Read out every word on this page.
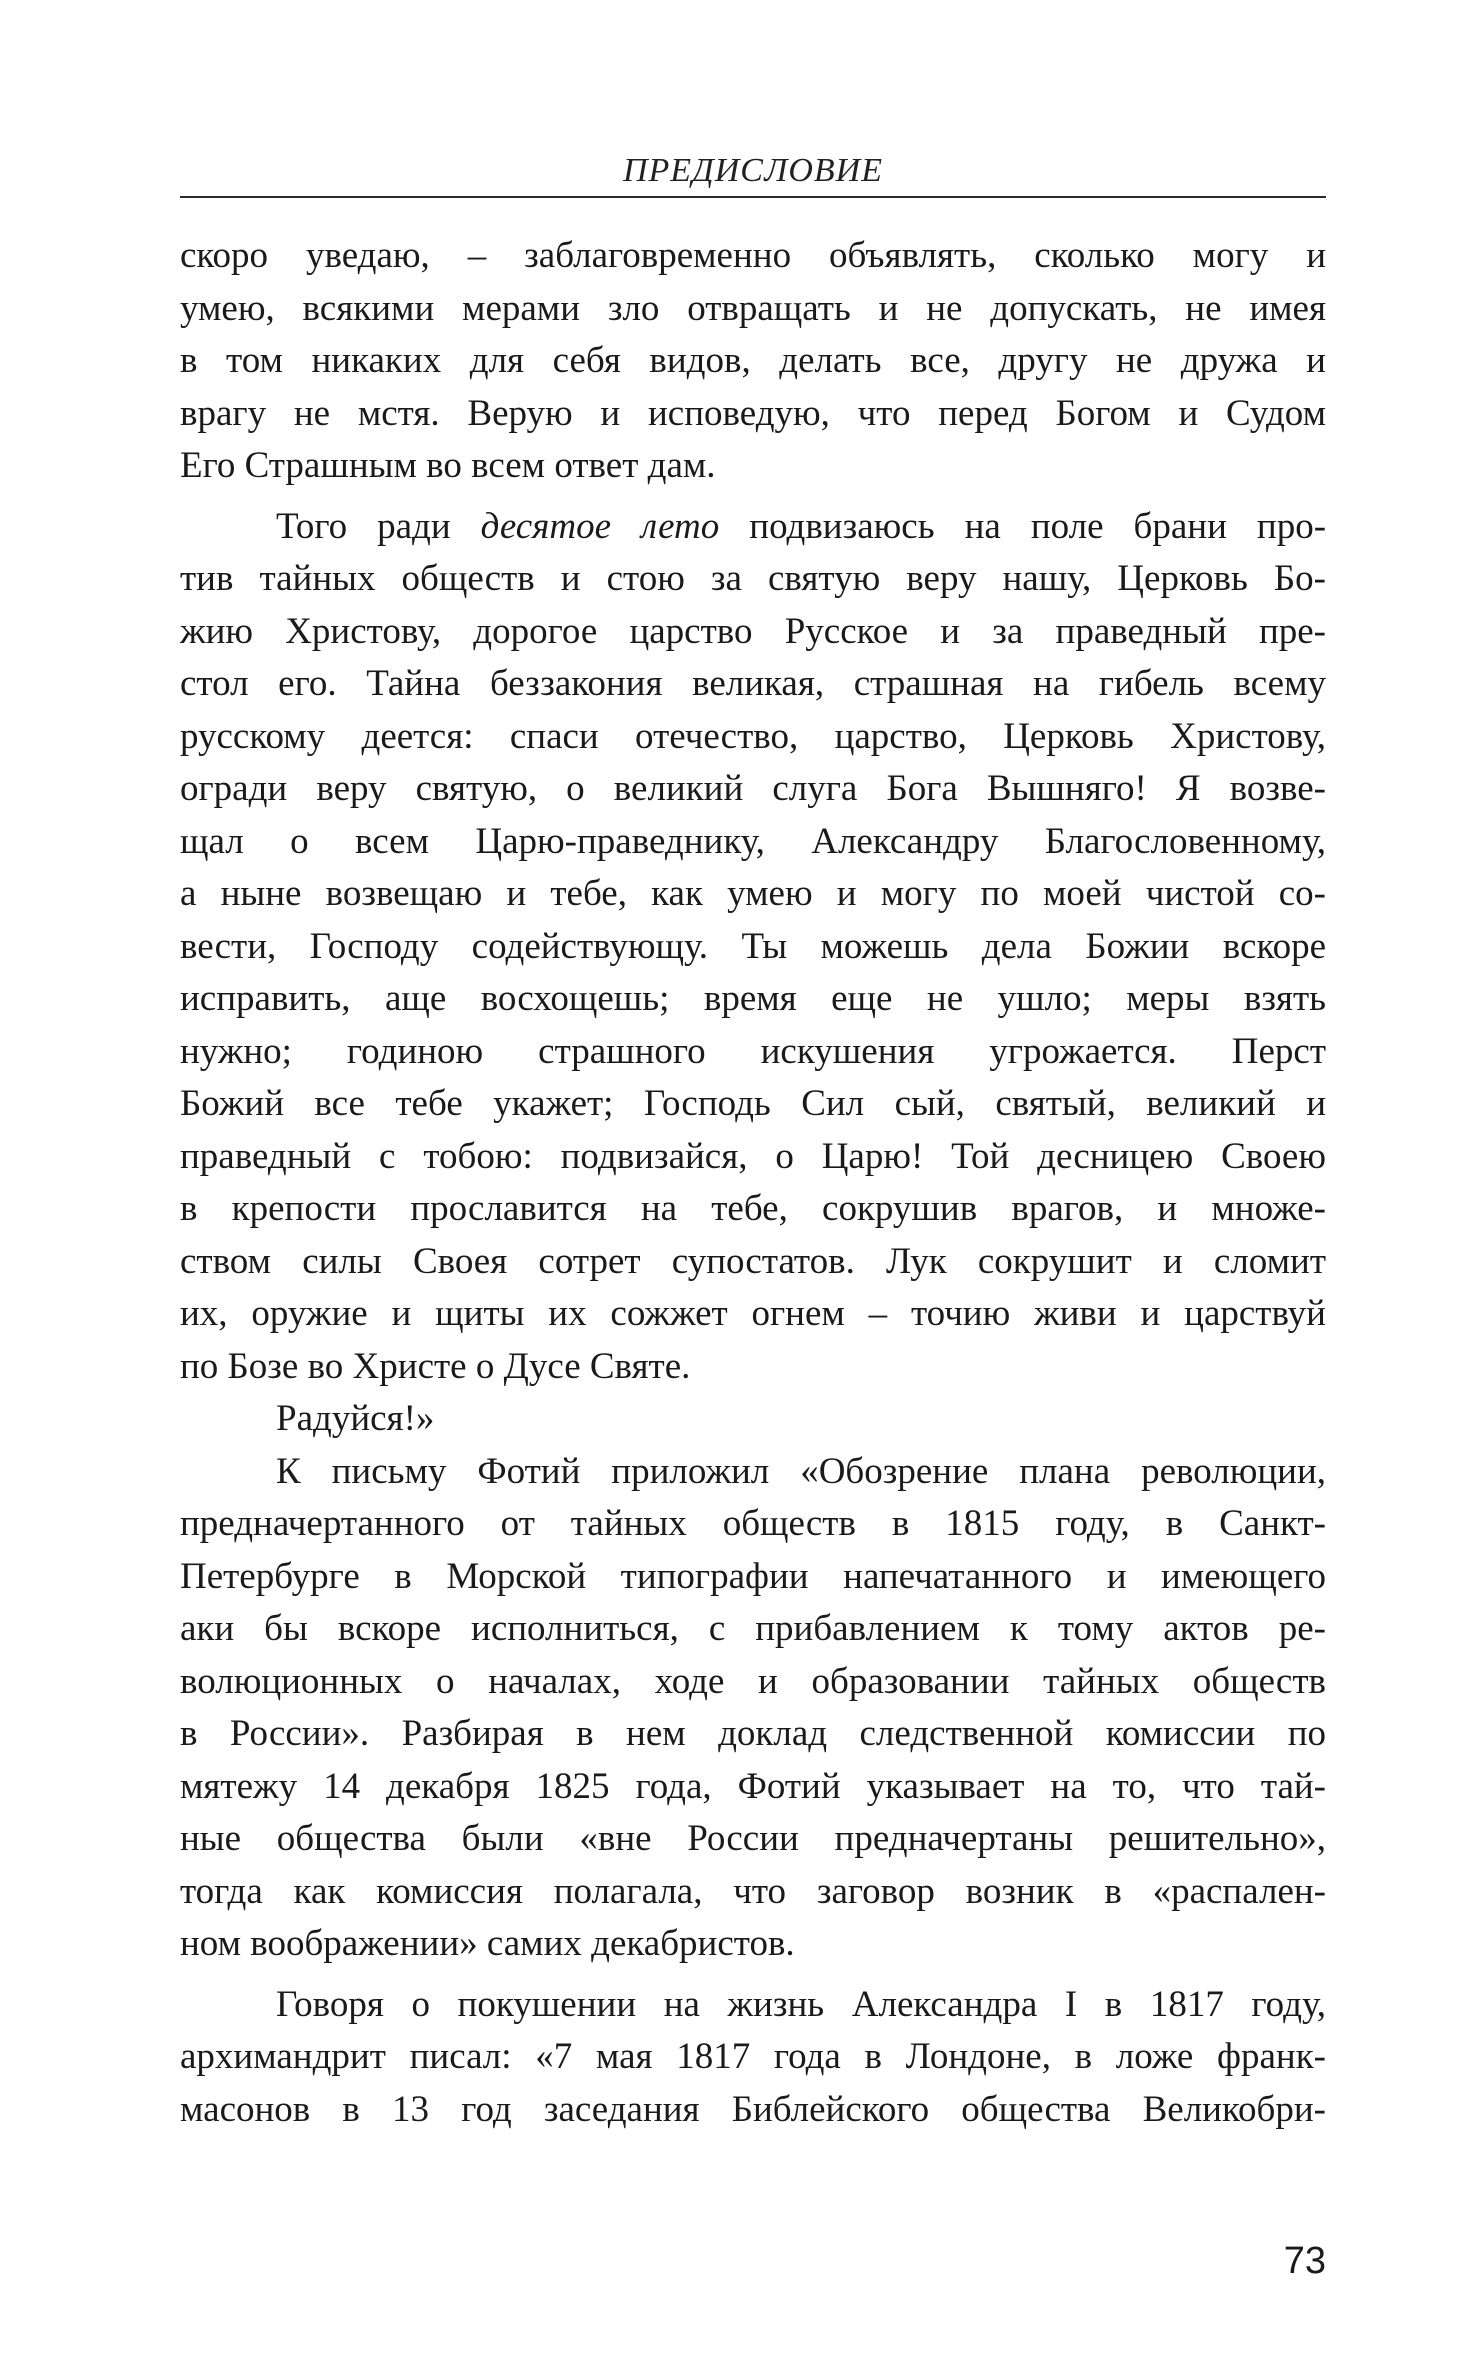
ПРЕДИСЛОВИЕ

скоро уведаю, – заблаговременно объявлять, сколько могу и

умею, всякими мерами зло отвращать и не допускать, не имея

в том никаких для себя видов, делать все, другу не дружа и

врагу не мстя. Верую и исповедую, что перед Богом и Судом

Его Страшным во всем ответ дам.

Того ради десятое лето подвизаюсь на поле брани про-

тив тайных обществ и стою за святую веру нашу, Церковь Бо-

жию Христову, дорогое царство Русское и за праведный пре-

стол его. Тайна беззакония великая, страшная на гибель всему

русскому деется: спаси отечество, царство, Церковь Христову,

огради веру святую, о великий слуга Бога Вышняго! Я возве-

щал о всем Царю-праведнику, Александру Благословенному,

а ныне возвещаю и тебе, как умею и могу по моей чистой со-

вести, Господу содействующу. Ты можешь дела Божии вскоре

исправить, аще восхощешь; время еще не ушло; меры взять

нужно; годиною страшного искушения угрожается. Перст

Божий все тебе укажет; Господь Сил сый, святый, великий и

праведный с тобою: подвизайся, о Царю! Той десницею Своею

в крепости прославится на тебе, сокрушив врагов, и множе-

ством силы Своея сотрет супостатов. Лук сокрушит и сломит

их, оружие и щиты их сожжет огнем – точию живи и царствуй

по Бозе во Христе о Дусе Святе.

Радуйся!»

К письму Фотий приложил «Обозрение плана революции,

предначертанного от тайных обществ в 1815 году, в Санкт-

Петербурге в Морской типографии напечатанного и имеющего

аки бы вскоре исполниться, с прибавлением к тому актов ре-

волюционных о началах, ходе и образовании тайных обществ

в России». Разбирая в нем доклад следственной комиссии по

мятежу 14 декабря 1825 года, Фотий указывает на то, что тай-

ные общества были «вне России предначертаны решительно»,

тогда как комиссия полагала, что заговор возник в «распален-

ном воображении» самих декабристов.

Говоря о покушении на жизнь Александра I в 1817 году,

архимандрит писал: «7 мая 1817 года в Лондоне, в ложе франк-

масонов в 13 год заседания Библейского общества Великобри-

73
